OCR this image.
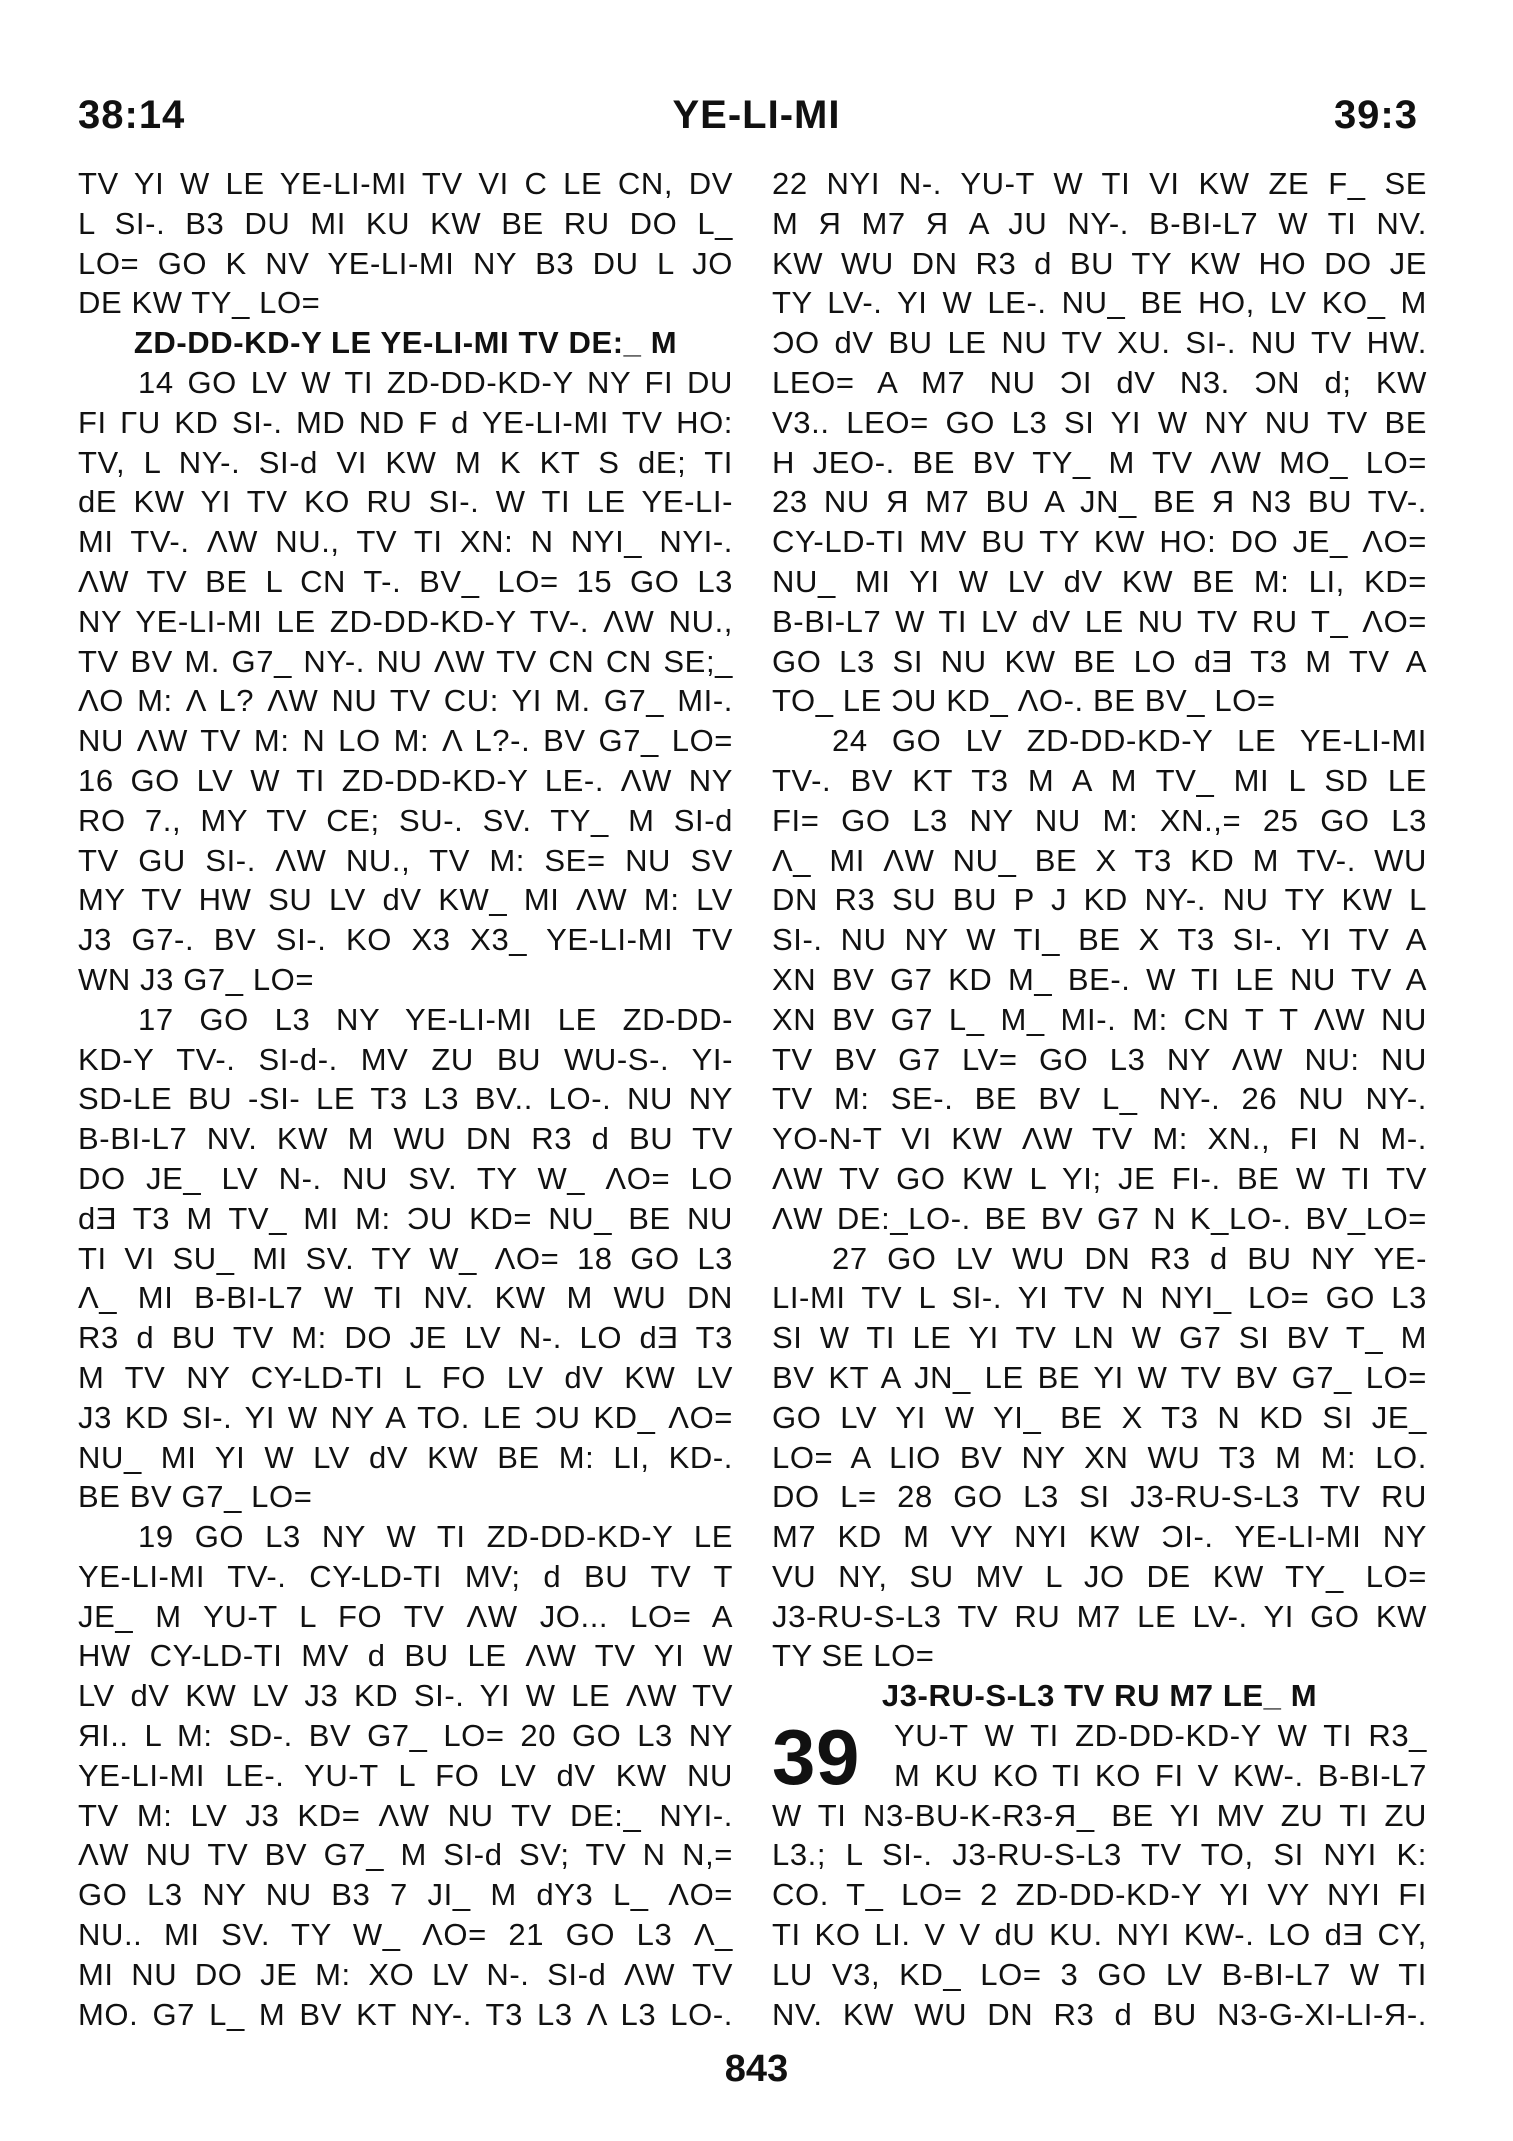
38:14	YE-LI-MI	39:3
TV YI W LE YE-LI-MI TV VI C LE CN, DV
L SI-. B3 DU MI KU KW BE RU DO L_
LO= GO K NV YE-LI-MI NY B3 DU L JO
DE KW TY_ LO=
ZD-DD-KD-Y LE YE-LI-MI TV DE:_ M
14 GO LV W TI ZD-DD-KD-Y NY FI DU
FI ΓU KD SI-. MD ND F d YE-LI-MI TV HO:
TV, L NY-. SI-d VI KW M K KT S dE; TI
dE KW YI TV KO RU SI-. W TI LE YE-LI-
MI TV-. ΛW NU., TV TI XN: N NYI_ NYI-.
ΛW TV BE L CN T-. BV_ LO= 15 GO L3
NY YE-LI-MI LE ZD-DD-KD-Y TV-. ΛW NU.,
TV BV M. G7_ NY-. NU ΛW TV CN CN SE;_
ΛO M: Λ L? ΛW NU TV CU: YI M. G7_ MI-.
NU ΛW TV M: N LO M: Λ L?-. BV G7_ LO=
16 GO LV W TI ZD-DD-KD-Y LE-. ΛW NY
RO 7., MY TV CE; SU-. SV. TY_ M SI-d
TV GU SI-. ΛW NU., TV M: SE= NU SV
MY TV HW SU LV dV KW_ MI ΛW M: LV
J3 G7-. BV SI-. KO X3 X3_ YE-LI-MI TV
WN J3 G7_ LO=
17 GO L3 NY YE-LI-MI LE ZD-DD-
KD-Y TV-. SI-d-. MV ZU BU WU-S-. YI-
SD-LE BU -SI- LE T3 L3 BV.. LO-. NU NY
B-BI-L7 NV. KW M WU DN R3 d BU TV
DO JE_ LV N-. NU SV. TY W_ ΛO= LO
dƎ T3 M TV_ MI M: ƆU KD= NU_ BE NU
TI VI SU_ MI SV. TY W_ ΛO= 18 GO L3
Λ_ MI B-BI-L7 W TI NV. KW M WU DN
R3 d BU TV M: DO JE LV N-. LO dƎ T3
M TV NY CY-LD-TI L FO LV dV KW LV
J3 KD SI-. YI W NY A TO. LE ƆU KD_ ΛO=
NU_ MI YI W LV dV KW BE M: LI, KD-.
BE BV G7_ LO=
19 GO L3 NY W TI ZD-DD-KD-Y LE
YE-LI-MI TV-. CY-LD-TI MV; d BU TV T
JE_ M YU-T L FO TV ΛW JO... LO= A
HW CY-LD-TI MV d BU LE ΛW TV YI W
LV dV KW LV J3 KD SI-. YI W LE ΛW TV
ЯI.. L M: SD-. BV G7_ LO= 20 GO L3 NY
YE-LI-MI LE-. YU-T L FO LV dV KW NU
TV M: LV J3 KD= ΛW NU TV DE:_ NYI-.
ΛW NU TV BV G7_ M SI-d SV; TV N N,=
GO L3 NY NU B3 7 JI_ M dY3 L_ ΛO=
NU.. MI SV. TY W_ ΛO= 21 GO L3 Λ_
MI NU DO JE M: XO LV N-. SI-d ΛW TV
MO. G7 L_ M BV KT NY-. T3 L3 Λ L3 LO-.
39
22 NYI N-. YU-T W TI VI KW ZE F_ SE
M Я M7 Я A JU NY-. B-BI-L7 W TI NV.
KW WU DN R3 d BU TY KW HO DO JE
TY LV-. YI W LE-. NU_ BE HO, LV KO_ M
ƆO dV BU LE NU TV XU. SI-. NU TV HW.
LEO= A M7 NU ƆI dV N3. ƆN d; KW
V3.. LEO= GO L3 SI YI W NY NU TV BE
H JEO-. BE BV TY_ M TV ΛW MO_ LO=
23 NU Я M7 BU A JN_ BE Я N3 BU TV-.
CY-LD-TI MV BU TY KW HO: DO JE_ ΛO=
NU_ MI YI W LV dV KW BE M: LI, KD=
B-BI-L7 W TI LV dV LE NU TV RU T_ ΛO=
GO L3 SI NU KW BE LO dƎ T3 M TV A
TO_ LE ƆU KD_ ΛO-. BE BV_ LO=
24 GO LV ZD-DD-KD-Y LE YE-LI-MI
TV-. BV KT T3 M A M TV_ MI L SD LE
FI= GO L3 NY NU M: XN.,= 25 GO L3
Λ_ MI ΛW NU_ BE X T3 KD M TV-. WU
DN R3 SU BU P J KD NY-. NU TY KW L
SI-. NU NY W TI_ BE X T3 SI-. YI TV A
XN BV G7 KD M_ BE-. W TI LE NU TV A
XN BV G7 L_ M_ MI-. M: CN T T ΛW NU
TV BV G7 LV= GO L3 NY ΛW NU: NU
TV M: SE-. BE BV L_ NY-. 26 NU NY-.
YO-N-T VI KW ΛW TV M: XN., FI N M-.
ΛW TV GO KW L YI; JE FI-. BE W TI TV
ΛW DE:_LO-. BE BV G7 N K_LO-. BV_LO=
27 GO LV WU DN R3 d BU NY YE-
LI-MI TV L SI-. YI TV N NYI_ LO= GO L3
SI W TI LE YI TV LN W G7 SI BV T_ M
BV KT A JN_ LE BE YI W TV BV G7_ LO=
GO LV YI W YI_ BE X T3 N KD SI JE_
LO= A LIO BV NY XN WU T3 M M: LO.
DO L= 28 GO L3 SI J3-RU-S-L3 TV RU
M7 KD M VY NYI KW ƆI-. YE-LI-MI NY
VU NY, SU MV L JO DE KW TY_ LO=
J3-RU-S-L3 TV RU M7 LE LV-. YI GO KW
TY SE LO=
J3-RU-S-L3 TV RU M7 LE_ M
YU-T W TI ZD-DD-KD-Y W TI R3_
M KU KO TI KO FI V KW-. B-BI-L7
W TI N3-BU-K-R3-Я_ BE YI MV ZU TI ZU
L3.; L SI-. J3-RU-S-L3 TV TO, SI NYI K:
CO. T_ LO= 2 ZD-DD-KD-Y YI VY NYI FI
TI KO LI. V V dU KU. NYI KW-. LO dƎ CY,
LU V3, KD_ LO= 3 GO LV B-BI-L7 W TI
NV. KW WU DN R3 d BU N3-G-XI-LI-Я-.
843
